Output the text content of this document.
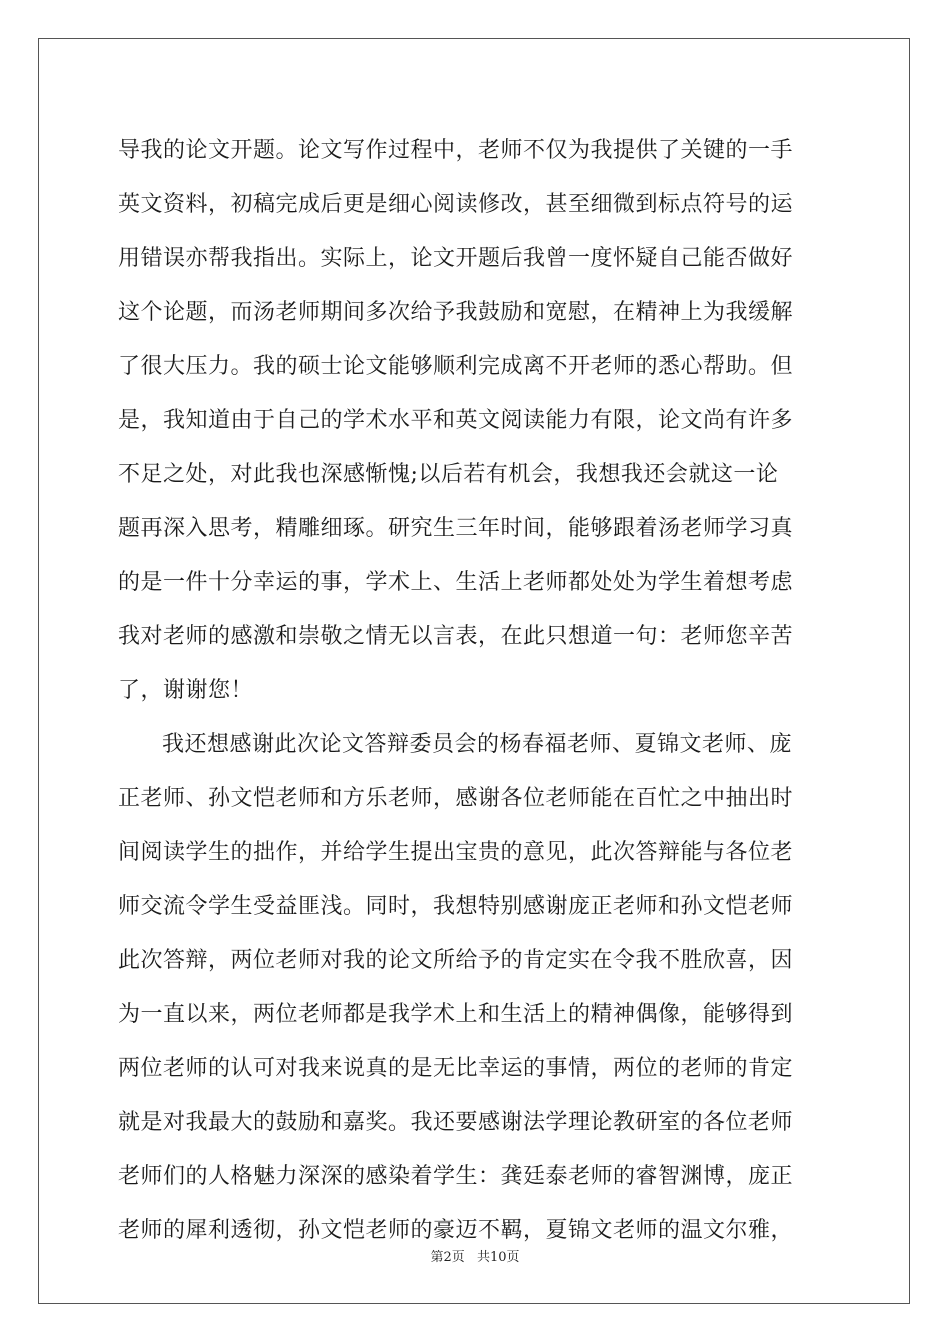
导我的论文开题。论文写作过程中，老师不仅为我提供了关键的一手
英文资料，初稿完成后更是细心阅读修改，甚至细微到标点符号的运
用错误亦帮我指出。实际上，论文开题后我曾一度怀疑自己能否做好
这个论题，而汤老师期间多次给予我鼓励和宽慰，在精神上为我缓解
了很大压力。我的硕士论文能够顺利完成离不开老师的悉心帮助。但
是，我知道由于自己的学术水平和英文阅读能力有限，论文尚有许多
不足之处，对此我也深感惭愧;以后若有机会，我想我还会就这一论
题再深入思考，精雕细琢。研究生三年时间，能够跟着汤老师学习真
的是一件十分幸运的事，学术上、生活上老师都处处为学生着想考虑
我对老师的感激和崇敬之情无以言表，在此只想道一句：老师您辛苦
了，谢谢您！
我还想感谢此次论文答辩委员会的杨春福老师、夏锦文老师、庞
正老师、孙文恺老师和方乐老师，感谢各位老师能在百忙之中抽出时
间阅读学生的拙作，并给学生提出宝贵的意见，此次答辩能与各位老
师交流令学生受益匪浅。同时，我想特别感谢庞正老师和孙文恺老师
此次答辩，两位老师对我的论文所给予的肯定实在令我不胜欣喜，因
为一直以来，两位老师都是我学术上和生活上的精神偶像，能够得到
两位老师的认可对我来说真的是无比幸运的事情，两位的老师的肯定
就是对我最大的鼓励和嘉奖。我还要感谢法学理论教研室的各位老师
老师们的人格魅力深深的感染着学生：龚廷泰老师的睿智渊博，庞正
老师的犀利透彻，孙文恺老师的豪迈不羁，夏锦文老师的温文尔雅，
第2页 共10页
